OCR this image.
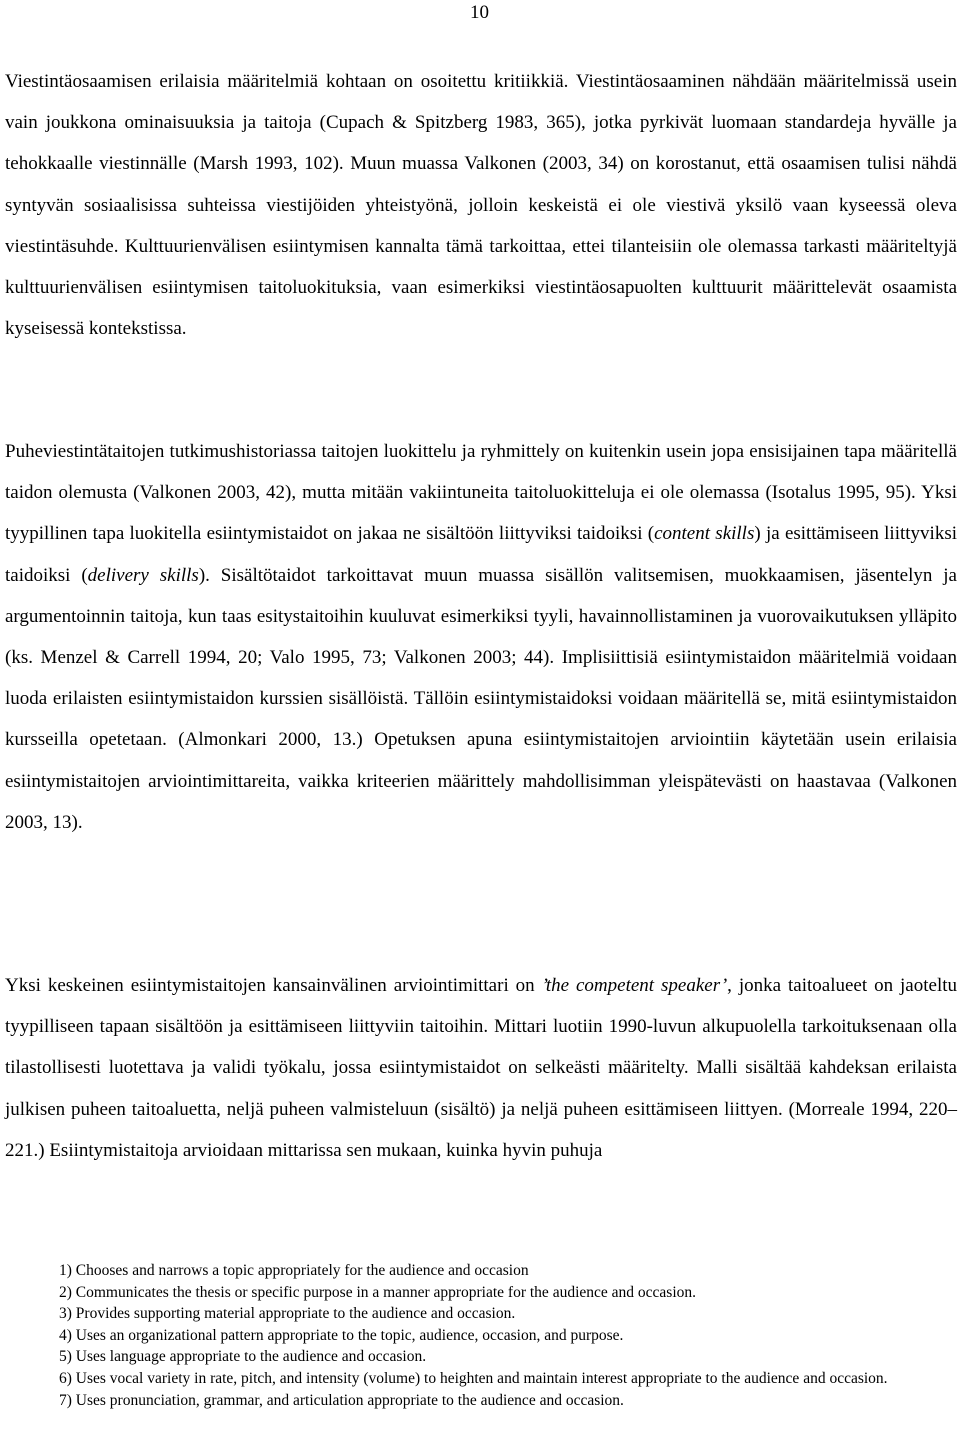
10

Viestintäosaamisen erilaisia määritelmiä kohtaan on osoitettu kritiikkiä. Viestintäosaaminen nähdään määritelmissä usein vain joukkona ominaisuuksia ja taitoja (Cupach & Spitzberg 1983, 365), jotka pyrkivät luomaan standardeja hyvälle ja tehokkaalle viestinnälle (Marsh 1993, 102). Muun muassa Valkonen (2003, 34) on korostanut, että osaamisen tulisi nähdä syntyvän sosiaalisissa suhteissa viestijöiden yhteistyönä, jolloin keskeistä ei ole viestivä yksilö vaan kyseessä oleva viestintäsuhde. Kulttuurienvälisen esiintymisen kannalta tämä tarkoittaa, ettei tilanteisiin ole olemassa tarkasti määriteltyjä kulttuurienvälisen esiintymisen taitoluokituksia, vaan esimerkiksi viestintäosapuolten kulttuurit määrittelevät osaamista kyseisessä kontekstissa.

Puheviestintätaitojen tutkimushistoriassa taitojen luokittelu ja ryhmittely on kuitenkin usein jopa ensisijainen tapa määritellä taidon olemusta (Valkonen 2003, 42), mutta mitään vakiintuneita taitoluokitteluja ei ole olemassa (Isotalus 1995, 95). Yksi tyypillinen tapa luokitella esiintymistaidot on jakaa ne sisältöön liittyviksi taidoiksi (content skills) ja esittämiseen liittyviksi taidoiksi (delivery skills). Sisältötaidot tarkoittavat muun muassa sisällön valitsemisen, muokkaamisen, jäsentelyn ja argumentoinnin taitoja, kun taas esitystaitoihin kuuluvat esimerkiksi tyyli, havainnollistaminen ja vuorovaikutuksen ylläpito (ks. Menzel & Carrell 1994, 20; Valo 1995, 73; Valkonen 2003; 44). Implisiittisiä esiintymistaidon määritelmiä voidaan luoda erilaisten esiintymistaidon kurssien sisällöistä. Tällöin esiintymistaidoksi voidaan määritellä se, mitä esiintymistaidon kursseilla opetetaan. (Almonkari 2000, 13.) Opetuksen apuna esiintymistaitojen arviointiin käytetään usein erilaisia esiintymistaitojen arviointimittareita, vaikka kriteerien määrittely mahdollisimman yleispätevästi on haastavaa (Valkonen 2003, 13).

Yksi keskeinen esiintymistaitojen kansainvälinen arviointimittari on ’the competent speaker’, jonka taitoalueet on jaoteltu tyypilliseen tapaan sisältöön ja esittämiseen liittyviin taitoihin. Mittari luotiin 1990-luvun alkupuolella tarkoituksenaan olla tilastollisesti luotettava ja validi työkalu, jossa esiintymistaidot on selkeästi määritelty. Malli sisältää kahdeksan erilaista julkisen puheen taitoaluetta, neljä puheen valmisteluun (sisältö) ja neljä puheen esittämiseen liittyen. (Morreale 1994, 220–221.) Esiintymistaitoja arvioidaan mittarissa sen mukaan, kuinka hyvin puhuja

1) Chooses and narrows a topic appropriately for the audience and occasion
2) Communicates the thesis or specific purpose in a manner appropriate for the audience and occasion.
3) Provides supporting material appropriate to the audience and occasion.
4) Uses an organizational pattern appropriate to the topic, audience, occasion, and purpose.
5) Uses language appropriate to the audience and occasion.
6) Uses vocal variety in rate, pitch, and intensity (volume) to heighten and maintain interest appropriate to the audience and occasion.
7) Uses pronunciation, grammar, and articulation appropriate to the audience and occasion.
